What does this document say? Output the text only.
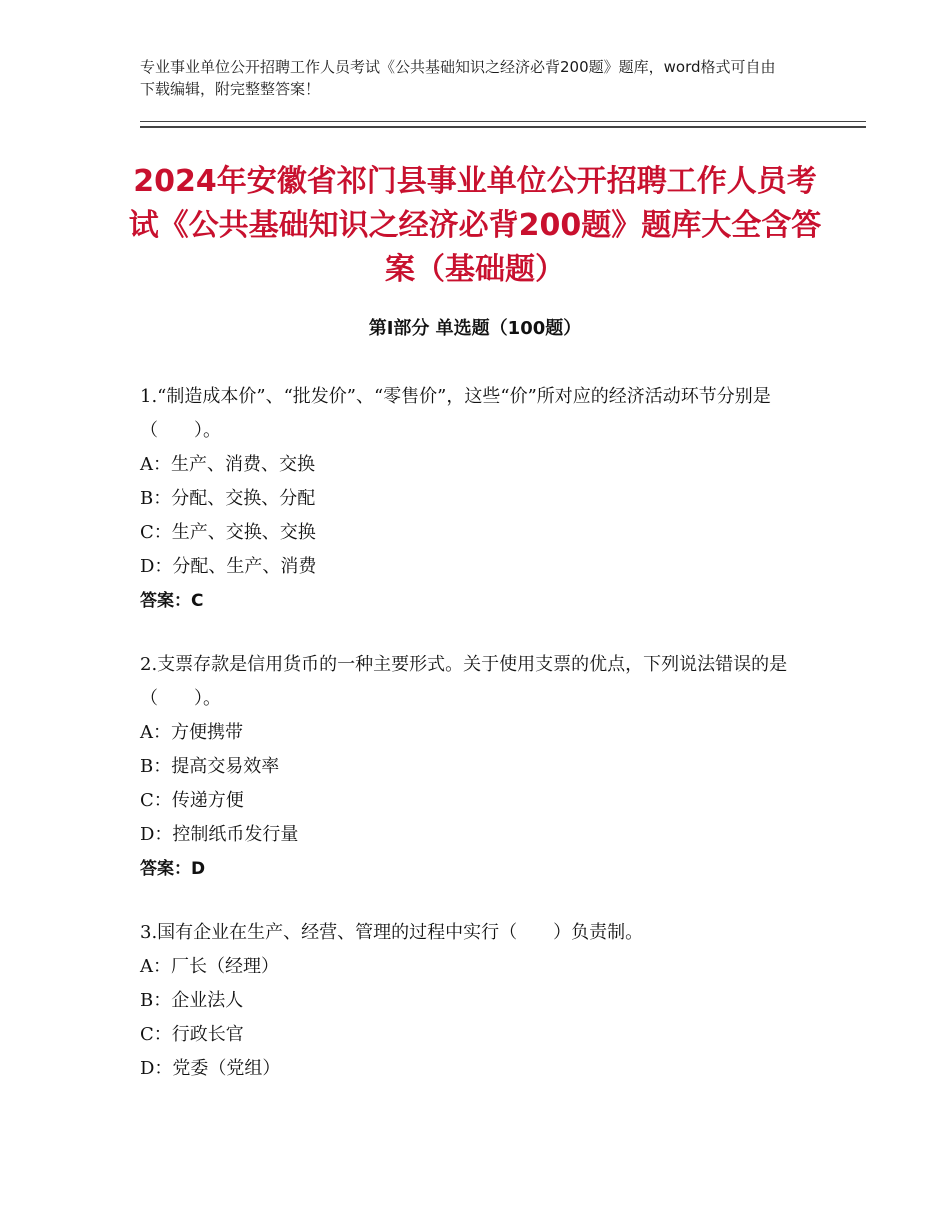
专业事业单位公开招聘工作人员考试《公共基础知识之经济必背200题》题库，word格式可自由下载编辑，附完整整答案！
2024年安徽省祁门县事业单位公开招聘工作人员考试《公共基础知识之经济必背200题》题库大全含答案（基础题）
第Ⅰ部分 单选题（100题）

1.“制造成本价”、“批发价”、“零售价”，这些“价”所对应的经济活动环节分别是（　　）。

A：生产、消费、交换
B：分配、交换、分配
C：生产、交换、交换
D：分配、生产、消费

答案：C

2.支票存款是信用货币的一种主要形式。关于使用支票的优点，下列说法错误的是（　　）。

A：方便携带
B：提高交易效率
C：传递方便
D：控制纸币发行量

答案：D

3.国有企业在生产、经营、管理的过程中实行（　　）负责制。

A：厂长（经理）
B：企业法人
C：行政长官
D：党委（党组）
